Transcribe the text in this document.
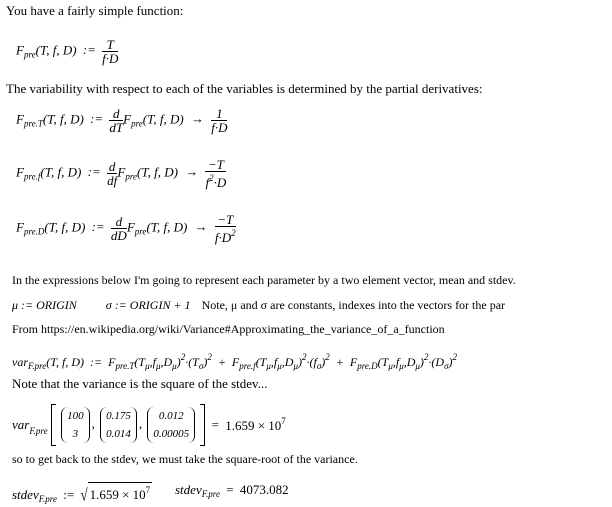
You have a fairly simple function:
$F_{pre}(T$, f, D) := $\frac{T}{f\cdot D}$
The variability with respect to each of the variables is determined by the partial derivatives:
$F_{pre.T}(T$, f, D) := $\frac{d}{dT} F_{pre}(T$, f, $D) \to \frac{1}{f\cdot D}$
$F_{pre.f}(T$, f, D) := $\frac{d}{df} F_{pre}(T$, f, $D) \to \frac{-T}{f^2\cdot D}$
$F_{pre.D}(T$, f, D) := $\frac{d}{dD} F_{pre}(T$, f, $D) \to \frac{-T}{f\cdot D^2}$
In the expressions below I'm going to represent each parameter by a two element vector, mean and stdev.
μ := ORIGIN σ := ORIGIN + 1 Note, μ and σ are constants, indexes into the vectors for the par
From https://en.wikipedia.org/wiki/Variance#Approximating_the_variance_of_a_function
var$_{F.pre}$(T, f, D) := $F_{pre.T}(T_\mu,f_\mu,D_\mu)^2\cdot(T_\sigma)^2 + F_{pre.f}(T_\mu,f_\mu,D_\mu)^2\cdot(f_\sigma)^2 + F_{pre.D}(T_\mu,f_\mu,D_\mu)^2\cdot(D_\sigma)^2$
Note that the variance is the square of the stdev...
var$_{F.pre}$
100
3
, 0.175
0.014
,	0.012
0.00005
= $1.659 \times 10^7$
so to get back to the stdev, we must take the square-root of the variance.
stdev$_{F.pre}$ := √ $1.659 \times 10^7$ stdev$_{F.pre}$ = 4073.082
